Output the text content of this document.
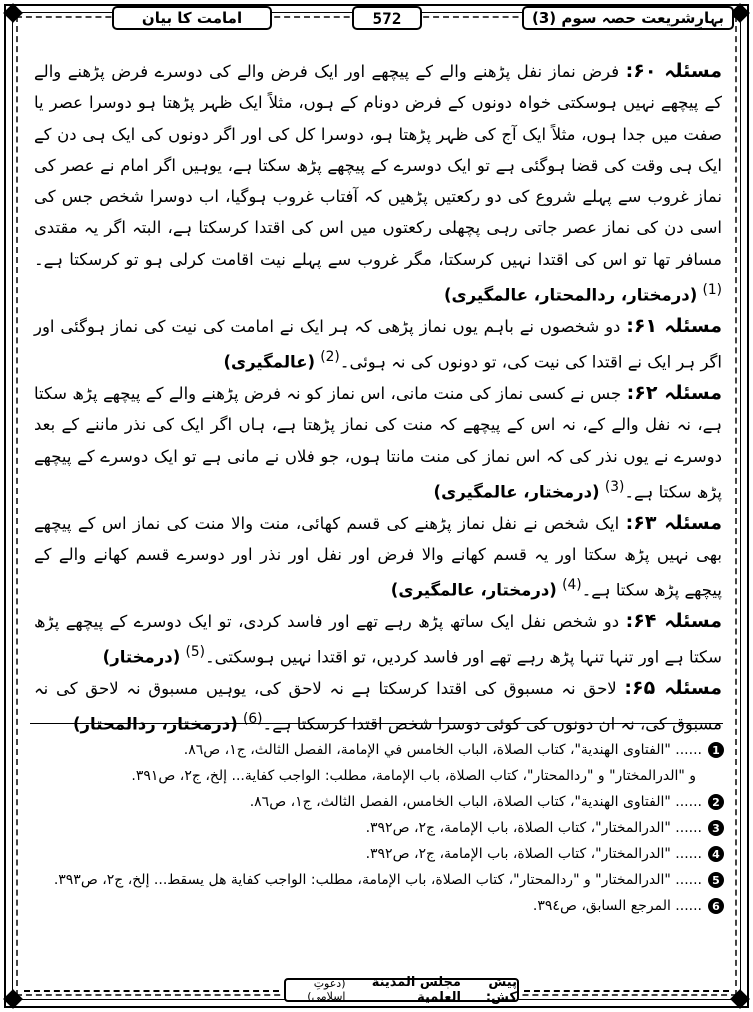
امامت کا بیان	572	بہارِشریعت حصہ سوم (3)

مسئلہ ۶۰: فرض نماز نفل پڑھنے والے کے پیچھے اور ایک فرض والے کی دوسرے فرض پڑھنے والے کے پیچھے نہیں ہوسکتی خواہ دونوں کے فرض دونام کے ہوں، مثلاً ایک ظہر پڑھتا ہو دوسرا عصر یا صفت میں جدا ہوں، مثلاً ایک آج کی ظہر پڑھتا ہو، دوسرا کل کی اور اگر دونوں کی ایک ہی دن کے ایک ہی وقت کی قضا ہوگئی ہے تو ایک دوسرے کے پیچھے پڑھ سکتا ہے، یوہیں اگر امام نے عصر کی نماز غروب سے پہلے شروع کی دو رکعتیں پڑھیں کہ آفتاب غروب ہوگیا، اب دوسرا شخص جس کی اسی دن کی نماز عصر جاتی رہی پچھلی رکعتوں میں اس کی اقتدا کرسکتا ہے، البتہ اگر یہ مقتدی مسافر تھا تو اس کی اقتدا نہیں کرسکتا، مگر غروب سے پہلے نیت اقامت کرلی ہو تو کرسکتا ہے۔$^{(1)}$ (درمختار، ردالمحتار، عالمگیری)

مسئلہ ۶۱: دو شخصوں نے باہم یوں نماز پڑھی کہ ہر ایک نے امامت کی نیت کی نماز ہوگئی اور اگر ہر ایک نے اقتدا کی نیت کی، تو دونوں کی نہ ہوئی۔$^{(2)}$ (عالمگیری)

مسئلہ ۶۲: جس نے کسی نماز کی منت مانی، اس نماز کو نہ فرض پڑھنے والے کے پیچھے پڑھ سکتا ہے، نہ نفل والے کے، نہ اس کے پیچھے کہ منت کی نماز پڑھتا ہے، ہاں اگر ایک کی نذر ماننے کے بعد دوسرے نے یوں نذر کی کہ اس نماز کی منت مانتا ہوں، جو فلاں نے مانی ہے تو ایک دوسرے کے پیچھے پڑھ سکتا ہے۔$^{(3)}$ (درمختار، عالمگیری)

مسئلہ ۶۳: ایک شخص نے نفل نماز پڑھنے کی قسم کھائی، منت والا منت کی نماز اس کے پیچھے بھی نہیں پڑھ سکتا اور یہ قسم کھانے والا فرض اور نفل اور نذر اور دوسرے قسم کھانے والے کے پیچھے پڑھ سکتا ہے۔$^{(4)}$ (درمختار، عالمگیری)

مسئلہ ۶۴: دو شخص نفل ایک ساتھ پڑھ رہے تھے اور فاسد کردی، تو ایک دوسرے کے پیچھے پڑھ سکتا ہے اور تنہا تنہا پڑھ رہے تھے اور فاسد کردیں، تو اقتدا نہیں ہوسکتی۔$^{(5)}$ (درمختار)

مسئلہ ۶۵: لاحق نہ مسبوق کی اقتدا کرسکتا ہے نہ لاحق کی، یوہیں مسبوق نہ لاحق کی نہ مسبوق کی، نہ ان دونوں کی کوئی دوسرا شخص اقتدا کرسکتا ہے۔$^{(6)}$ (درمختار، ردالمحتار)

1
...... "الفتاوى الهندية"، كتاب الصلاة، الباب الخامس في الإمامة، الفصل الثالث، ج١، ص٨٦.
و "الدرالمختار" و "ردالمحتار"، كتاب الصلاة، باب الإمامة، مطلب: الواجب كفاية... إلخ، ج٢، ص٣٩١.
2
...... "الفتاوى الهندية"، كتاب الصلاة، الباب الخامس، الفصل الثالث، ج١، ص٨٦.
3
...... "الدرالمختار"، كتاب الصلاة، باب الإمامة، ج٢، ص٣٩٢.
4
...... "الدرالمختار"، كتاب الصلاة، باب الإمامة، ج٢، ص٣٩٢.
5
...... "الدرالمختار" و "ردالمحتار"، كتاب الصلاة، باب الإمامة، مطلب: الواجب كفاية هل يسقط... إلخ، ج٢، ص٣٩٣.
6
...... المرجع السابق، ص٣٩٤.
پیش کش:
مجلس المدينة العلمية
(دعوتِ اسلامی)
